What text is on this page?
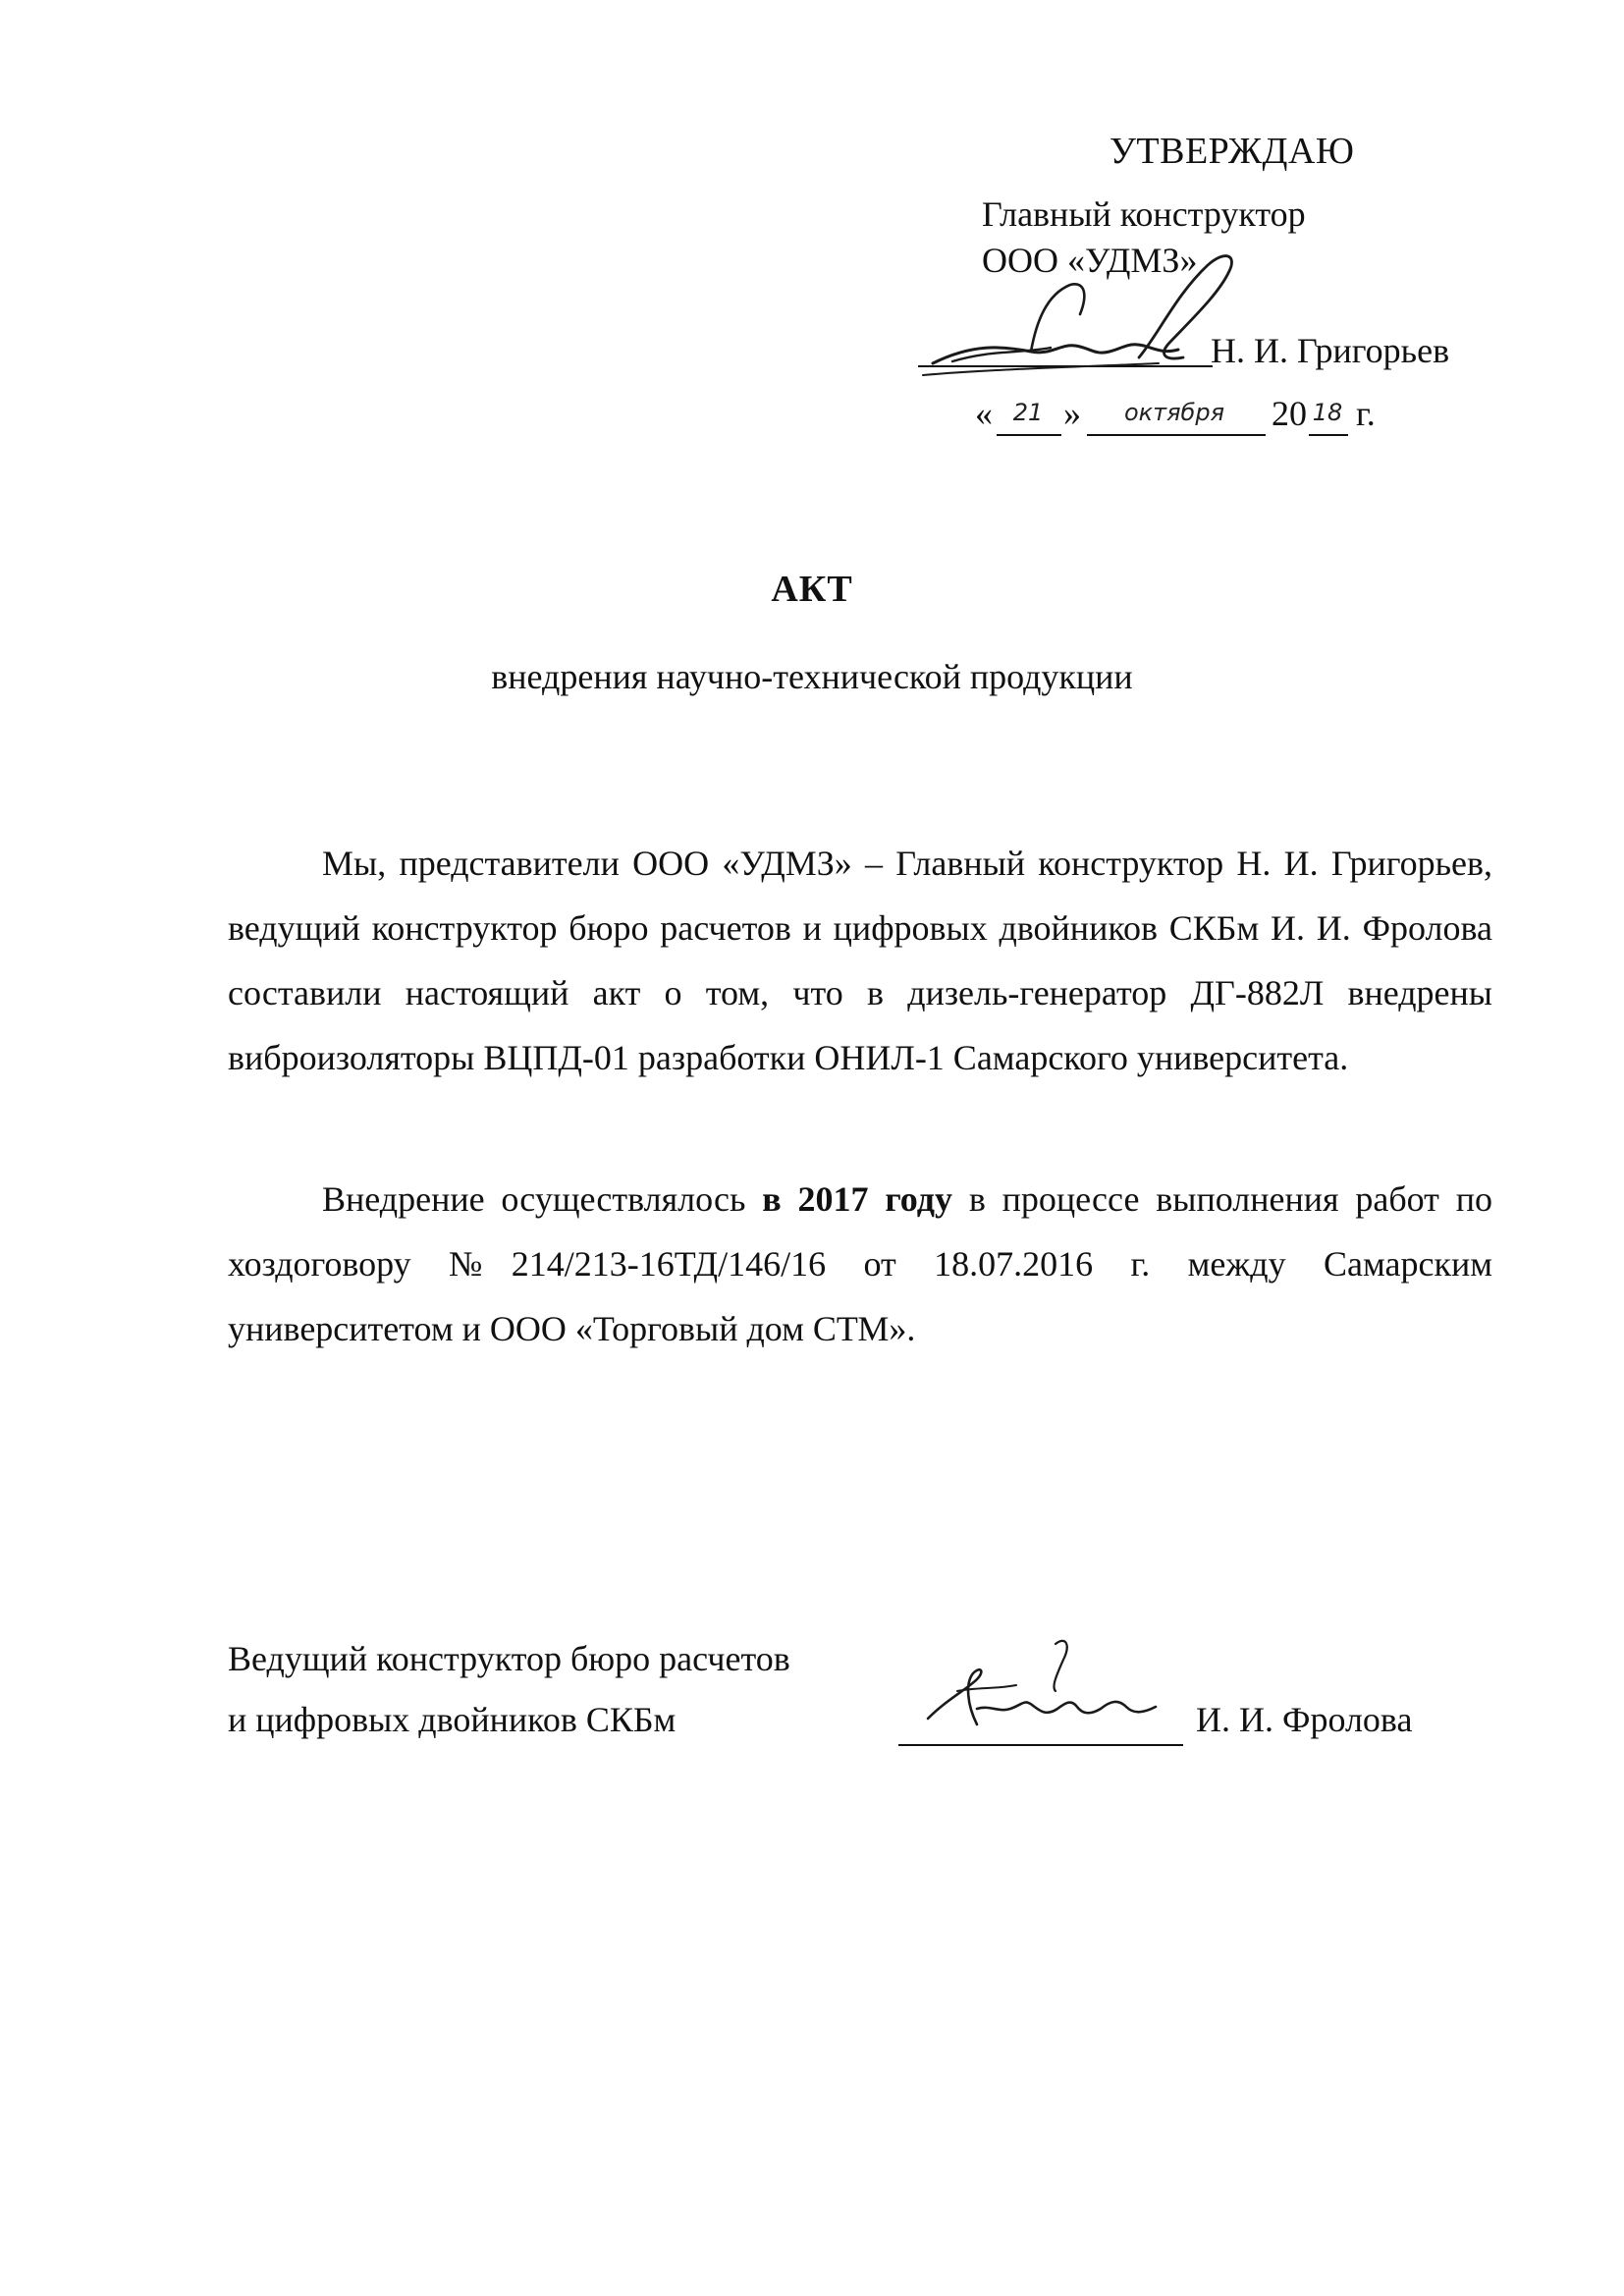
УТВЕРЖДАЮ
Главный конструктор
ООО «УДМЗ»
Н. И. Григорьев
« 21 »	октября	20 18 г.
АКТ
внедрения научно-технической продукции

Мы, представители ООО «УДМЗ» – Главный конструктор Н. И. Григорьев, ведущий конструктор бюро расчетов и цифровых двойников СКБм И. И. Фролова составили настоящий акт о том, что в дизель-генератор ДГ-882Л внедрены виброизоляторы ВЦПД-01 разработки ОНИЛ-1 Самарского университета.

Внедрение осуществлялось в 2017 году в процессе выполнения работ по хоздоговору №214/213-16ТД/146/16 от 18.07.2016 г. между Самарским университетом и ООО «Торговый дом СТМ».

Ведущий конструктор бюро расчетов
и цифровых двойников СКБм	И. И. Фролова
